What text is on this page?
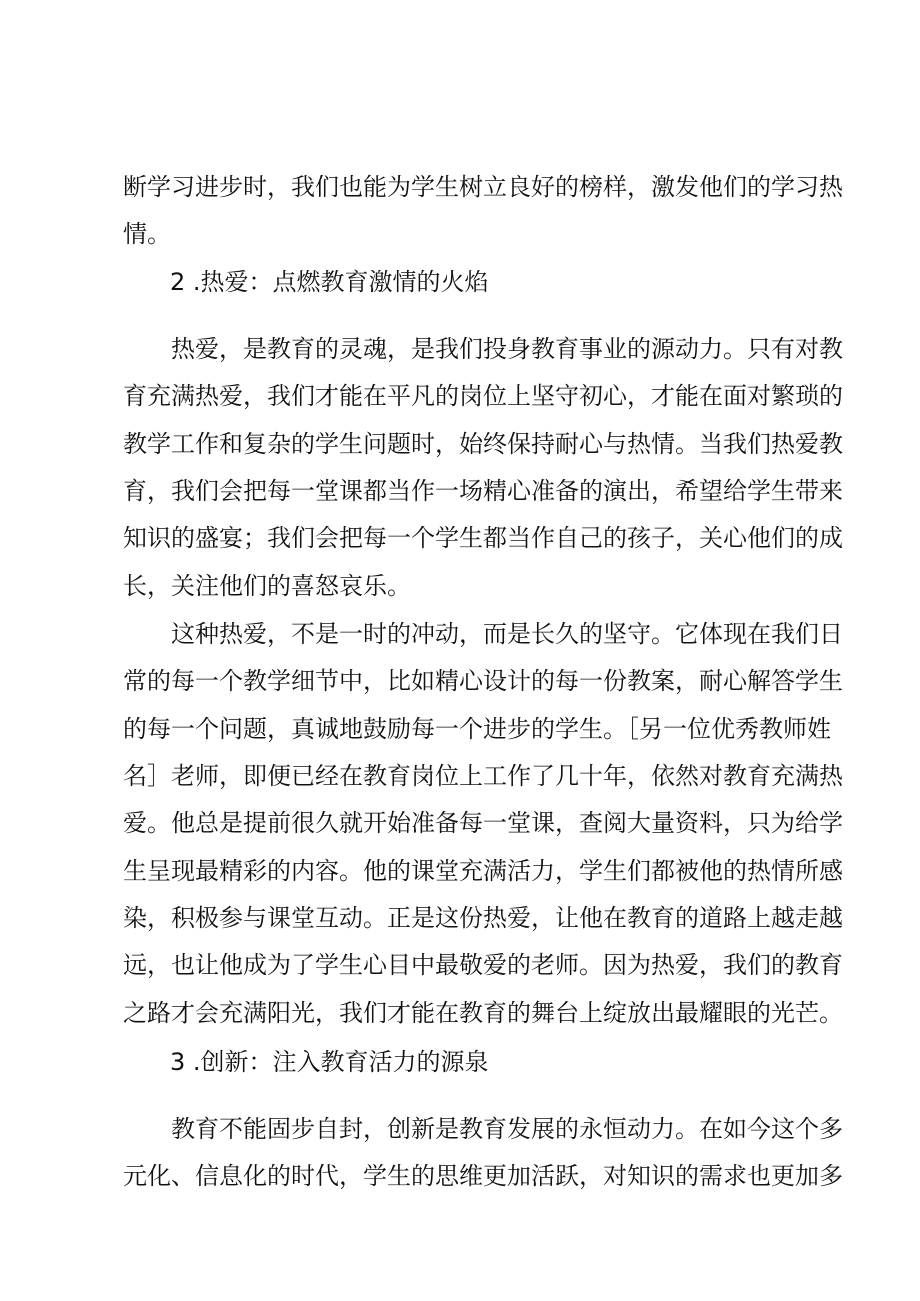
断学习进步时，我们也能为学生树立良好的榜样，激发他们的学习热
情。
2 .热爱：点燃教育激情的火焰
热爱，是教育的灵魂，是我们投身教育事业的源动力。只有对教
育充满热爱，我们才能在平凡的岗位上坚守初心，才能在面对繁琐的
教学工作和复杂的学生问题时，始终保持耐心与热情。当我们热爱教
育，我们会把每一堂课都当作一场精心准备的演出，希望给学生带来
知识的盛宴；我们会把每一个学生都当作自己的孩子，关心他们的成
长，关注他们的喜怒哀乐。
这种热爱，不是一时的冲动，而是长久的坚守。它体现在我们日
常的每一个教学细节中，比如精心设计的每一份教案，耐心解答学生
的每一个问题，真诚地鼓励每一个进步的学生。［另一位优秀教师姓
名］老师，即便已经在教育岗位上工作了几十年，依然对教育充满热
爱。他总是提前很久就开始准备每一堂课，查阅大量资料，只为给学
生呈现最精彩的内容。他的课堂充满活力，学生们都被他的热情所感
染，积极参与课堂互动。正是这份热爱，让他在教育的道路上越走越
远，也让他成为了学生心目中最敬爱的老师。因为热爱，我们的教育
之路才会充满阳光，我们才能在教育的舞台上绽放出最耀眼的光芒。
3 .创新：注入教育活力的源泉
教育不能固步自封，创新是教育发展的永恒动力。在如今这个多
元化、信息化的时代，学生的思维更加活跃，对知识的需求也更加多
